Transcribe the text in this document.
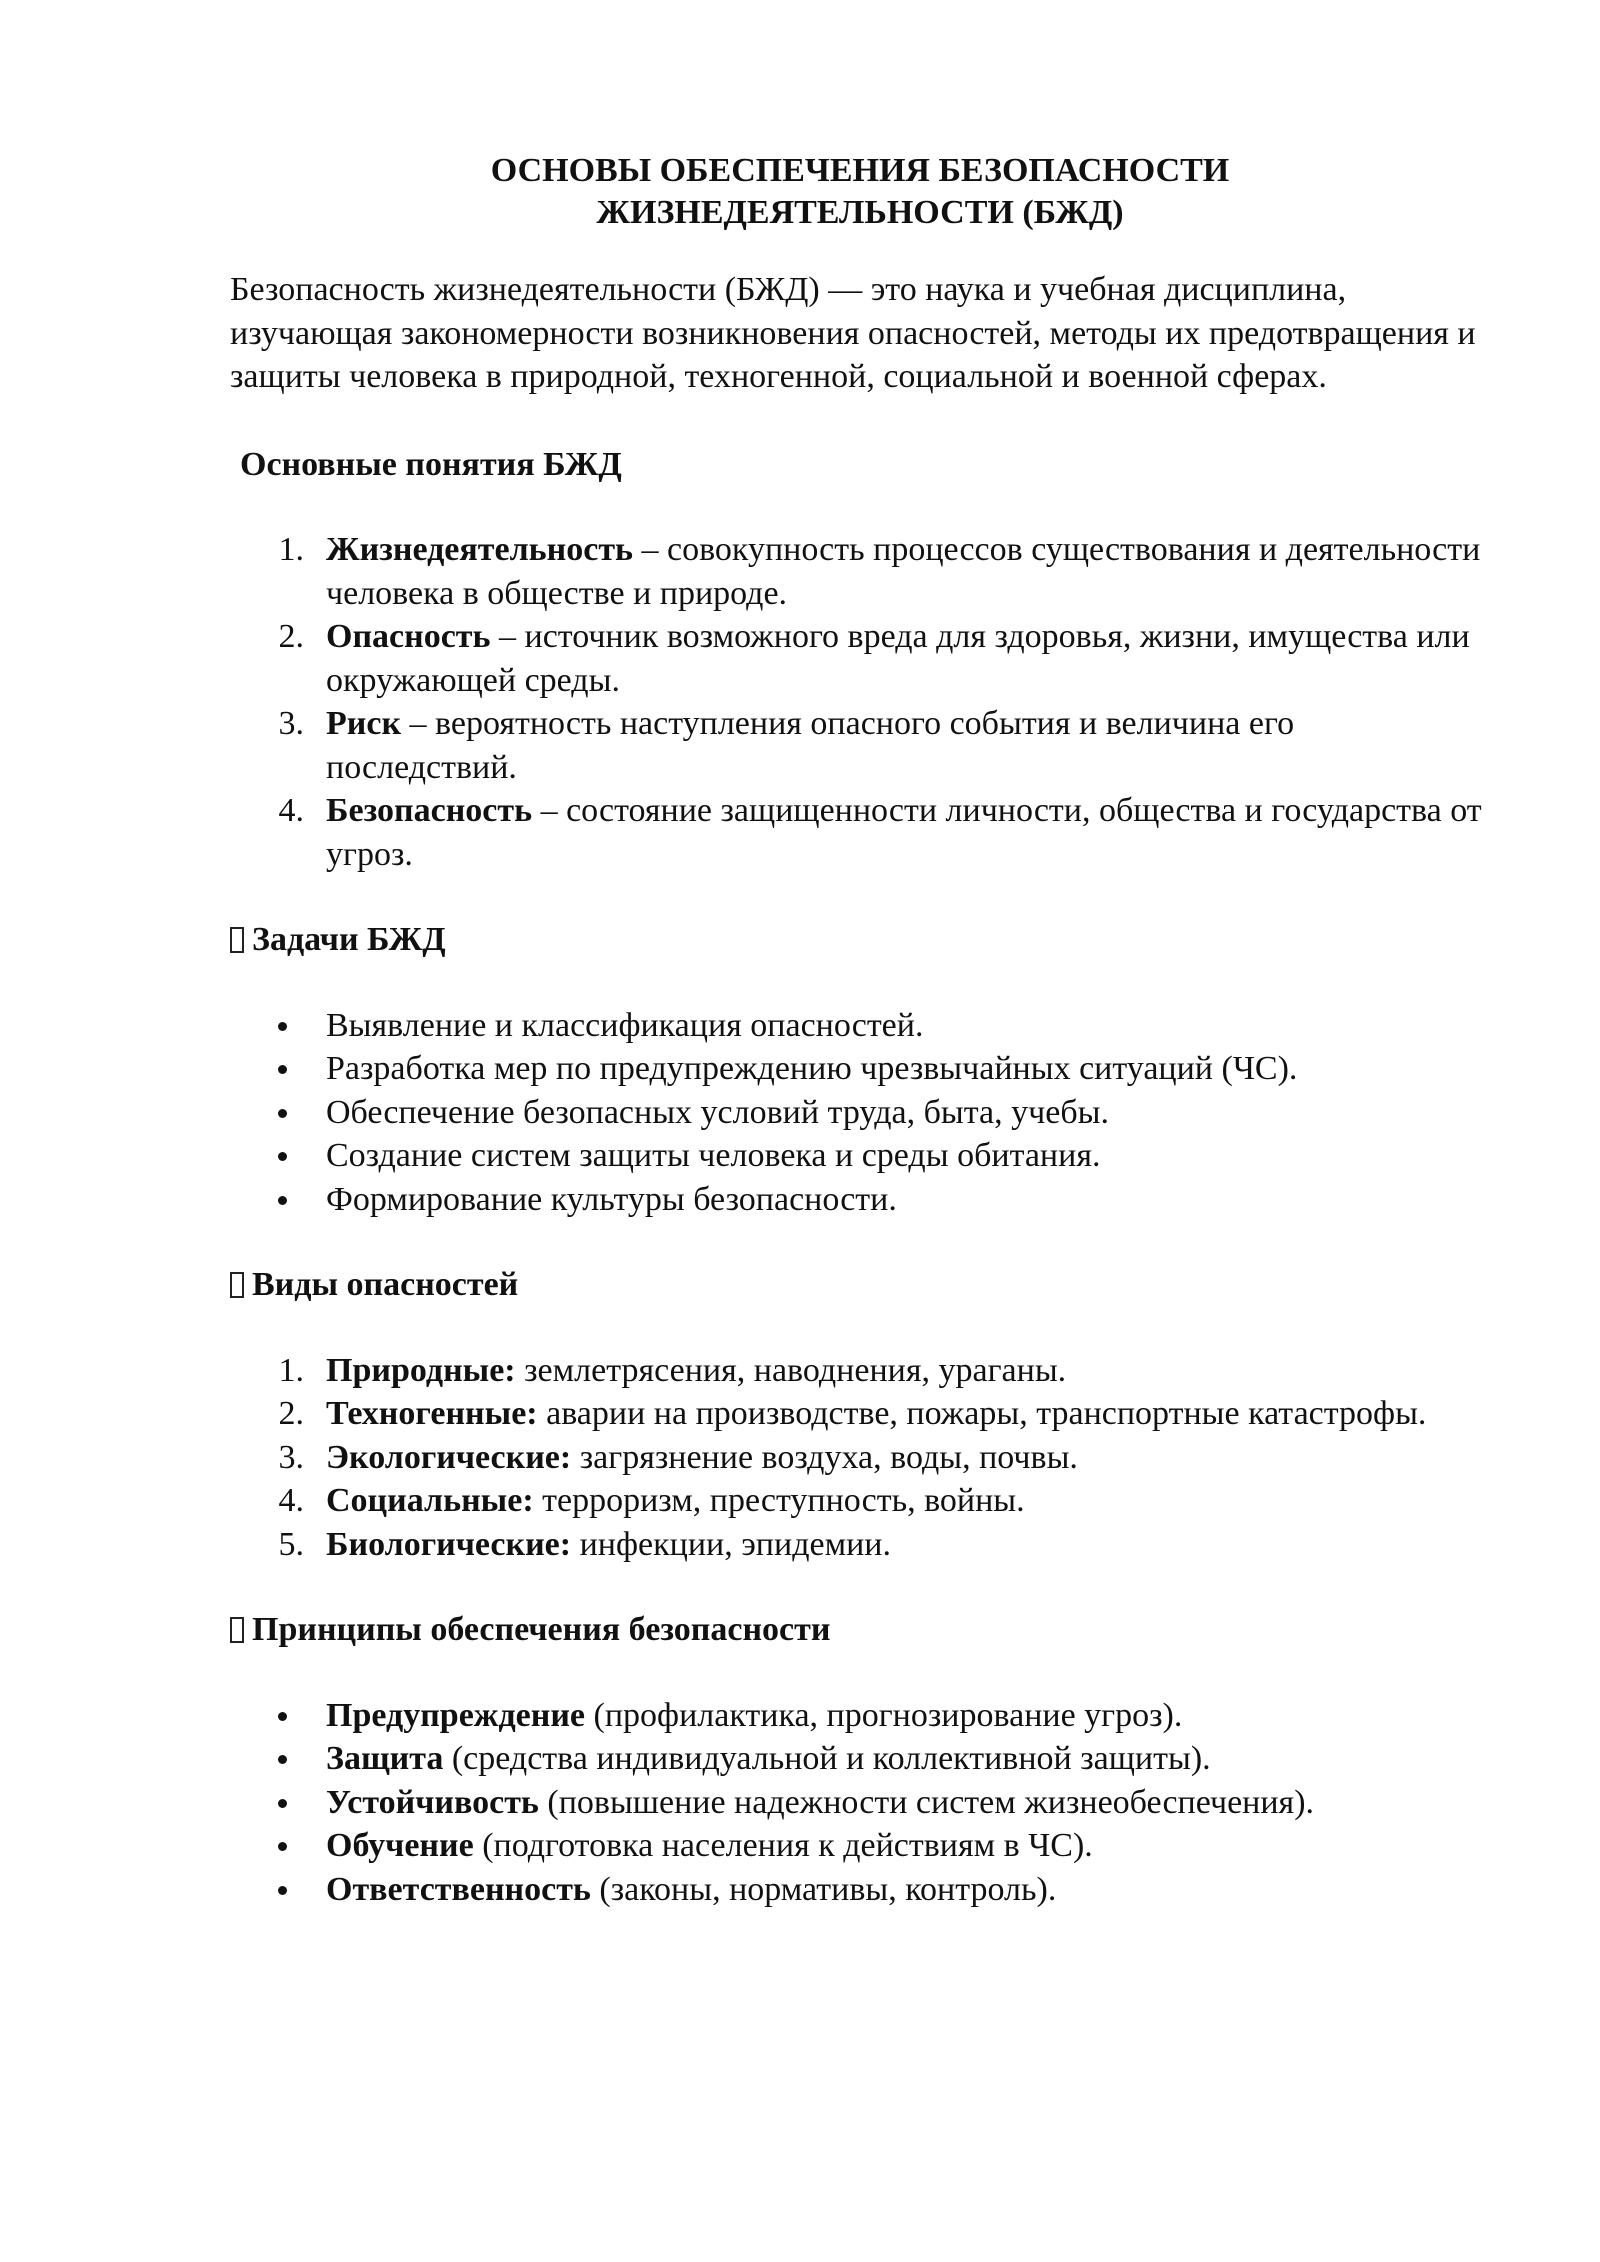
ОСНОВЫ ОБЕСПЕЧЕНИЯ БЕЗОПАСНОСТИ
ЖИЗНЕДЕЯТЕЛЬНОСТИ (БЖД)

Безопасность жизнедеятельности (БЖД) — это наука и учебная дисциплина, изучающая закономерности возникновения опасностей, методы их предотвращения и защиты человека в природной, техногенной, социальной и военной сферах.

Основные понятия БЖД
1. Жизнедеятельность – совокупность процессов существования и деятельности человека в обществе и природе.
2. Опасность – источник возможного вреда для здоровья, жизни, имущества или окружающей среды.
3. Риск – вероятность наступления опасного события и величина его последствий.
4. Безопасность – состояние защищенности личности, общества и государства от угроз.
Задачи БЖД
Выявление и классификация опасностей.
Разработка мер по предупреждению чрезвычайных ситуаций (ЧС).
Обеспечение безопасных условий труда, быта, учебы.
Создание систем защиты человека и среды обитания.
Формирование культуры безопасности.
Виды опасностей
1. Природные: землетрясения, наводнения, ураганы.
2. Техногенные: аварии на производстве, пожары, транспортные катастрофы.
3. Экологические: загрязнение воздуха, воды, почвы.
4. Социальные: терроризм, преступность, войны.
5. Биологические: инфекции, эпидемии.
Принципы обеспечения безопасности
Предупреждение (профилактика, прогнозирование угроз).
Защита (средства индивидуальной и коллективной защиты).
Устойчивость (повышение надежности систем жизнеобеспечения).
Обучение (подготовка населения к действиям в ЧС).
Ответственность (законы, нормативы, контроль).
